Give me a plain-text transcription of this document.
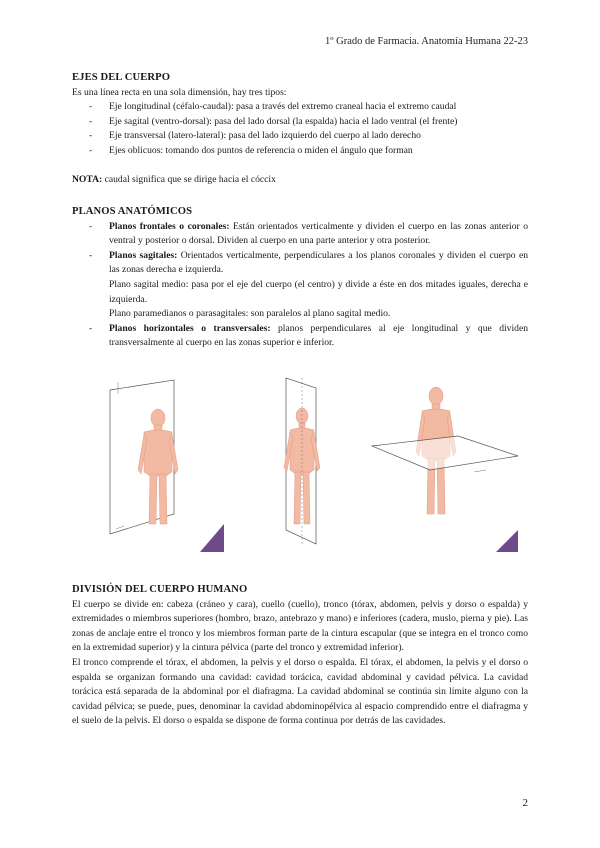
1º Grado de Farmacia. Anatomía Humana 22-23
EJES DEL CUERPO

Es una línea recta en una sola dimensión, hay tres tipos:

- Eje longitudinal (céfalo-caudal): pasa a través del extremo craneal hacia el extremo caudal
- Eje sagital (ventro-dorsal): pasa del lado dorsal (la espalda) hacia el lado ventral (el frente)
- Eje transversal (latero-lateral): pasa del lado izquierdo del cuerpo al lado derecho
- Ejes oblicuos: tomando dos puntos de referencia o miden el ángulo que forman

NOTA: caudal significa que se dirige hacia el cóccix

PLANOS ANATÓMICOS
- Planos frontales o coronales: Están orientados verticalmente y dividen el cuerpo en las zonas anterior o ventral y posterior o dorsal. Dividen al cuerpo en una parte anterior y otra posterior.
- Planos sagitales: Orientados verticalmente, perpendiculares a los planos coronales y dividen el cuerpo en las zonas derecha e izquierda.
Plano sagital medio: pasa por el eje del cuerpo (el centro) y divide a éste en dos mitades iguales, derecha e izquierda.
Plano paramedianos o parasagitales: son paralelos al plano sagital medio.
- Planos horizontales o transversales: planos perpendiculares al eje longitudinal y que dividen transversalmente al cuerpo en las zonas superior e inferior.
DIVISIÓN DEL CUERPO HUMANO

El cuerpo se divide en: cabeza (cráneo y cara), cuello (cuello), tronco (tórax, abdomen, pelvis y dorso o espalda) y extremidades o miembros superiores (hombro, brazo, antebrazo y mano) e inferiores (cadera, muslo, pierna y pie). Las zonas de anclaje entre el tronco y los miembros forman parte de la cintura escapular (que se integra en el tronco como en la extremidad superior) y la cintura pélvica (parte del tronco y extremidad inferior).

El tronco comprende el tórax, el abdomen, la pelvis y el dorso o espalda. El tórax, el abdomen, la pelvis y el dorso o espalda se organizan formando una cavidad: cavidad torácica, cavidad abdominal y cavidad pélvica. La cavidad torácica está separada de la abdominal por el diafragma. La cavidad abdominal se continúa sin límite alguno con la cavidad pélvica; se puede, pues, denominar la cavidad abdominopélvica al espacio comprendido entre el diafragma y el suelo de la pelvis. El dorso o espalda se dispone de forma continua por detrás de las cavidades.

2
